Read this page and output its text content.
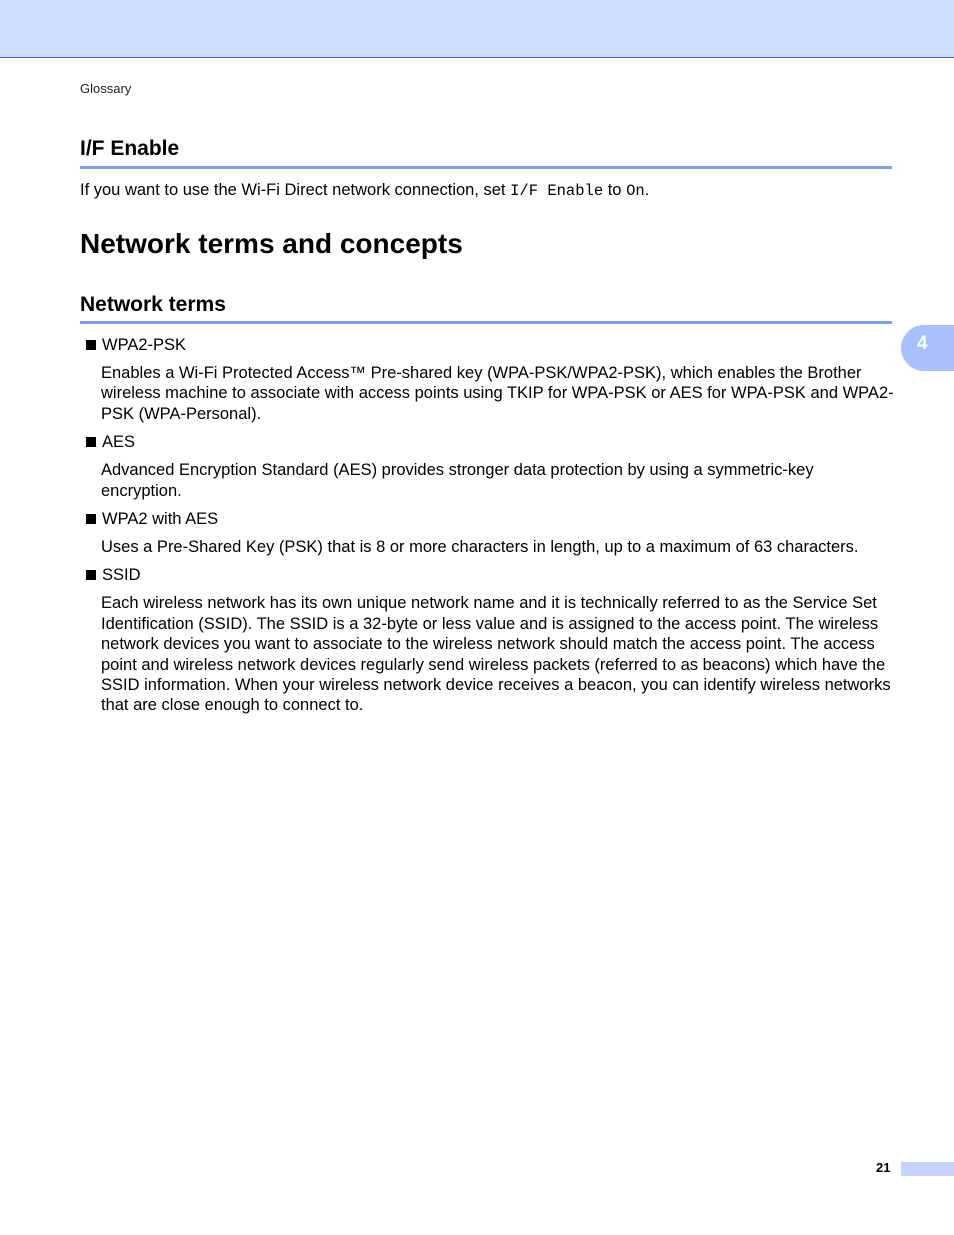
Glossary
I/F Enable

If you want to use the Wi-Fi Direct network connection, set I/F Enable to On.

Network terms and concepts
Network terms
WPA2-PSK
Enables a Wi-Fi Protected Access™ Pre-shared key (WPA-PSK/WPA2-PSK), which enables the Brother wireless machine to associate with access points using TKIP for WPA-PSK or AES for WPA-PSK and WPA2-PSK (WPA-Personal).
AES
Advanced Encryption Standard (AES) provides stronger data protection by using a symmetric-key encryption.
WPA2 with AES
Uses a Pre-Shared Key (PSK) that is 8 or more characters in length, up to a maximum of 63 characters.
SSID
Each wireless network has its own unique network name and it is technically referred to as the Service Set Identification (SSID). The SSID is a 32-byte or less value and is assigned to the access point. The wireless network devices you want to associate to the wireless network should match the access point. The access point and wireless network devices regularly send wireless packets (referred to as beacons) which have the SSID information. When your wireless network device receives a beacon, you can identify wireless networks that are close enough to connect to.
4
21
